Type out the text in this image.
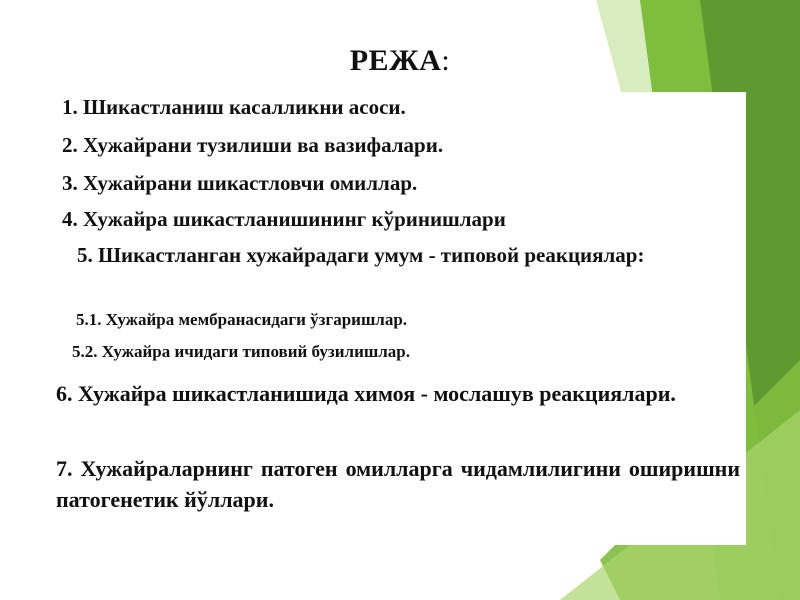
РЕЖА:
1. Шикастланиш касалликни асоси.
2. Хужайрани тузилиши ва вазифалари.
3. Хужайрани шикастловчи омиллар.
4. Хужайра шикастланишининг кўринишлари
5. Шикастланган хужайрадаги умум - типовой реакциялар:
5.1. Хужайра мембранасидаги ўзгаришлар.
5.2. Хужайра ичидаги типовий бузилишлар.
6. Хужайра шикастланишида химоя - мослашув реакциялари.
7. Хужайраларнинг патоген омилларга чидамлилигини оширишни патогенетик йўллари.
